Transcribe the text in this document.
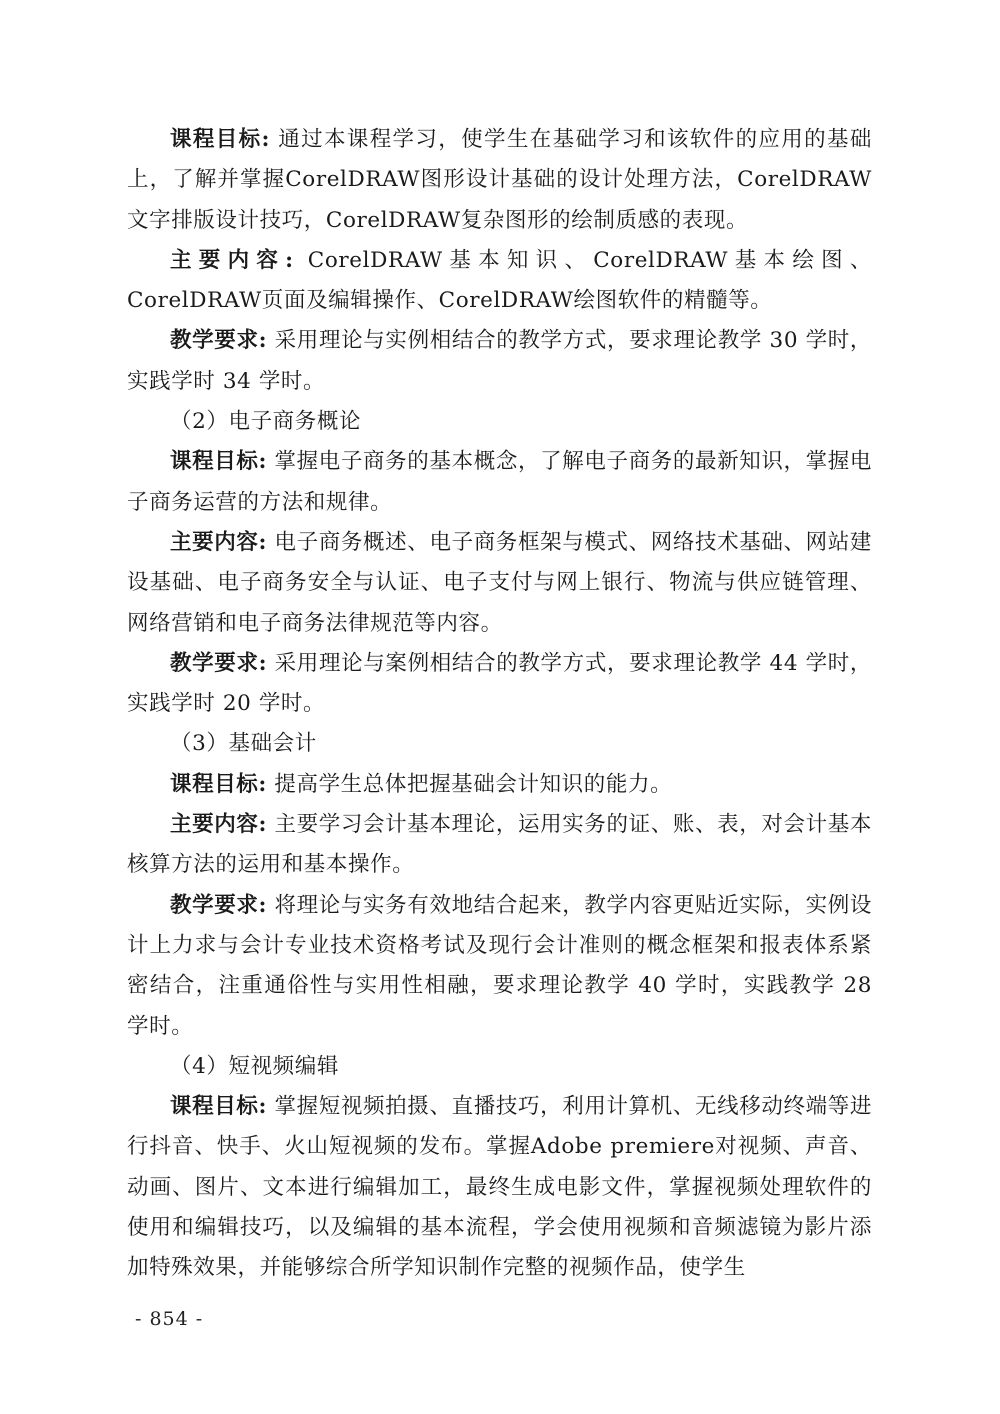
课程目标: 通过本课程学习，使学生在基础学习和该软件的应用的基础上，了解并掌握CorelDRAW图形设计基础的设计处理方法，CorelDRAW文字排版设计技巧，CorelDRAW复杂图形的绘制质感的表现。

主要内容: CorelDRAW基本知识、CorelDRAW基本绘图、CorelDRAW页面及编辑操作、CorelDRAW绘图软件的精髓等。

教学要求: 采用理论与实例相结合的教学方式，要求理论教学 30 学时，实践学时 34 学时。

（2）电子商务概论

课程目标: 掌握电子商务的基本概念，了解电子商务的最新知识，掌握电子商务运营的方法和规律。

主要内容: 电子商务概述、电子商务框架与模式、网络技术基础、网站建设基础、电子商务安全与认证、电子支付与网上银行、物流与供应链管理、网络营销和电子商务法律规范等内容。

教学要求: 采用理论与案例相结合的教学方式，要求理论教学 44 学时，实践学时 20 学时。

（3）基础会计

课程目标: 提高学生总体把握基础会计知识的能力。

主要内容: 主要学习会计基本理论，运用实务的证、账、表，对会计基本核算方法的运用和基本操作。

教学要求: 将理论与实务有效地结合起来，教学内容更贴近实际，实例设计上力求与会计专业技术资格考试及现行会计准则的概念框架和报表体系紧密结合，注重通俗性与实用性相融，要求理论教学 40 学时，实践教学 28 学时。

（4）短视频编辑

课程目标: 掌握短视频拍摄、直播技巧，利用计算机、无线移动终端等进行抖音、快手、火山短视频的发布。掌握Adobe premiere对视频、声音、动画、图片、文本进行编辑加工，最终生成电影文件，掌握视频处理软件的使用和编辑技巧，以及编辑的基本流程，学会使用视频和音频滤镜为影片添加特殊效果，并能够综合所学知识制作完整的视频作品，使学生

- 854 -
